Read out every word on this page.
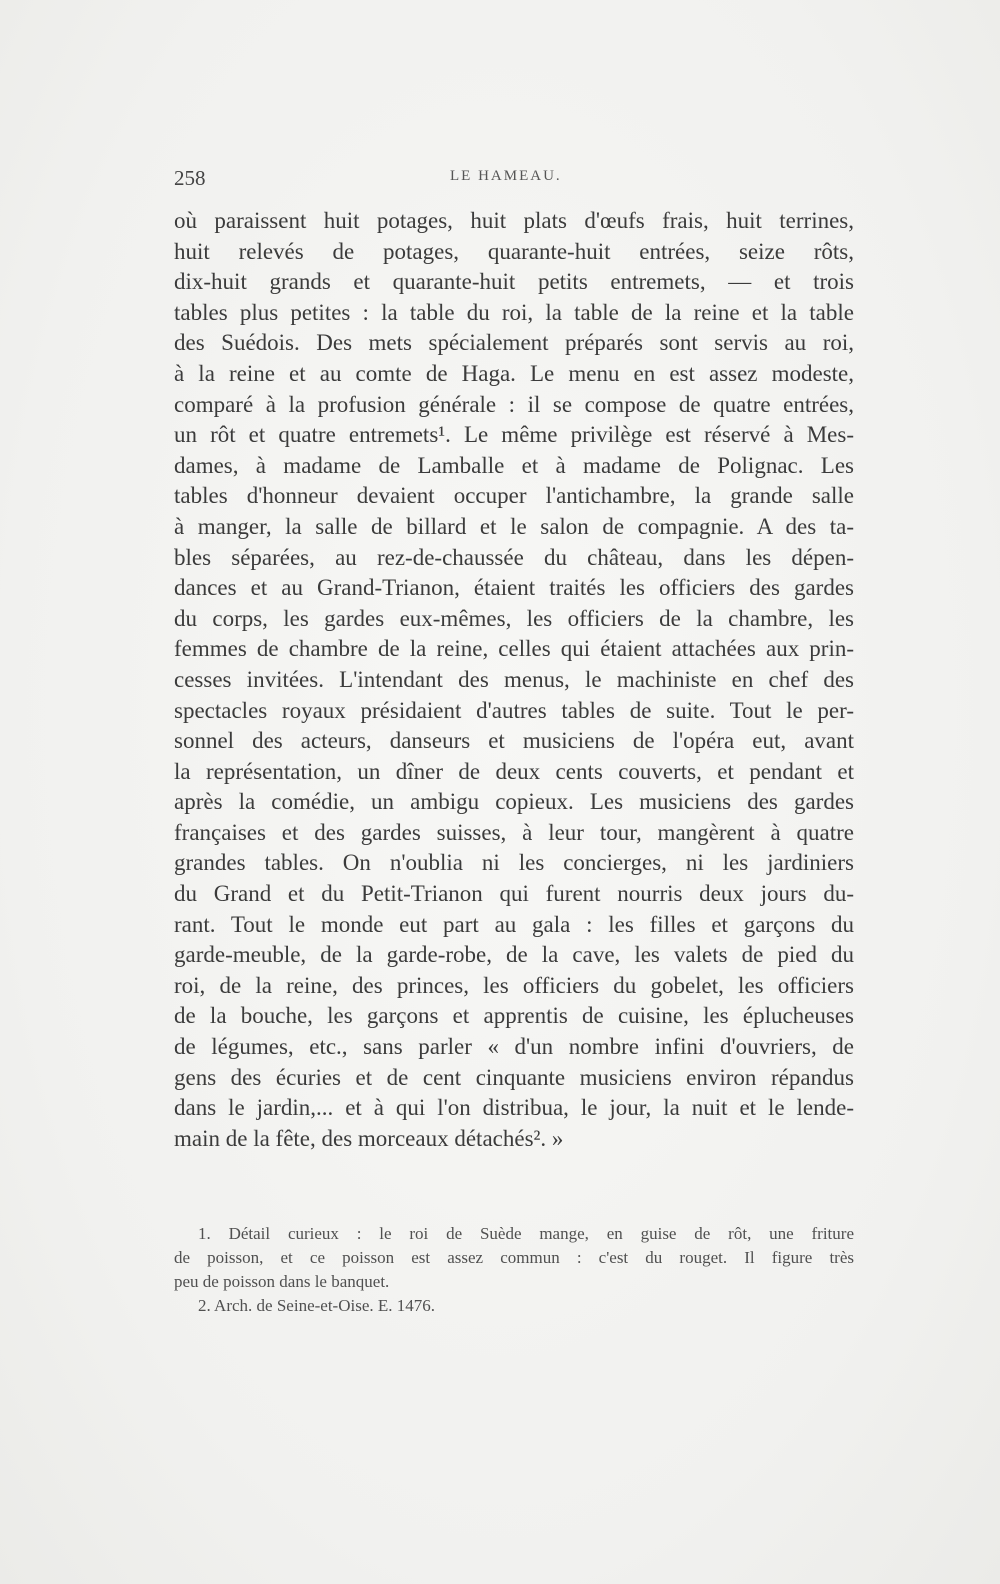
258	LE HAMEAU.
où paraissent huit potages, huit plats d'œufs frais, huit terrines,
huit relevés de potages, quarante-huit entrées, seize rôts,
dix-huit grands et quarante-huit petits entremets, — et trois
tables plus petites : la table du roi, la table de la reine et la table
des Suédois. Des mets spécialement préparés sont servis au roi,
à la reine et au comte de Haga. Le menu en est assez modeste,
comparé à la profusion générale : il se compose de quatre entrées,
un rôt et quatre entremets¹. Le même privilège est réservé à Mes-
dames, à madame de Lamballe et à madame de Polignac. Les
tables d'honneur devaient occuper l'antichambre, la grande salle
à manger, la salle de billard et le salon de compagnie. A des ta-
bles séparées, au rez-de-chaussée du château, dans les dépen-
dances et au Grand-Trianon, étaient traités les officiers des gardes
du corps, les gardes eux-mêmes, les officiers de la chambre, les
femmes de chambre de la reine, celles qui étaient attachées aux prin-
cesses invitées. L'intendant des menus, le machiniste en chef des
spectacles royaux présidaient d'autres tables de suite. Tout le per-
sonnel des acteurs, danseurs et musiciens de l'opéra eut, avant
la représentation, un dîner de deux cents couverts, et pendant et
après la comédie, un ambigu copieux. Les musiciens des gardes
françaises et des gardes suisses, à leur tour, mangèrent à quatre
grandes tables. On n'oublia ni les concierges, ni les jardiniers
du Grand et du Petit-Trianon qui furent nourris deux jours du-
rant. Tout le monde eut part au gala : les filles et garçons du
garde-meuble, de la garde-robe, de la cave, les valets de pied du
roi, de la reine, des princes, les officiers du gobelet, les officiers
de la bouche, les garçons et apprentis de cuisine, les éplucheuses
de légumes, etc., sans parler « d'un nombre infini d'ouvriers, de
gens des écuries et de cent cinquante musiciens environ répandus
dans le jardin,... et à qui l'on distribua, le jour, la nuit et le lende-
main de la fête, des morceaux détachés². »
1. Détail curieux : le roi de Suède mange, en guise de rôt, une friture
de poisson, et ce poisson est assez commun : c'est du rouget. Il figure très
peu de poisson dans le banquet.
2. Arch. de Seine-et-Oise. E. 1476.
